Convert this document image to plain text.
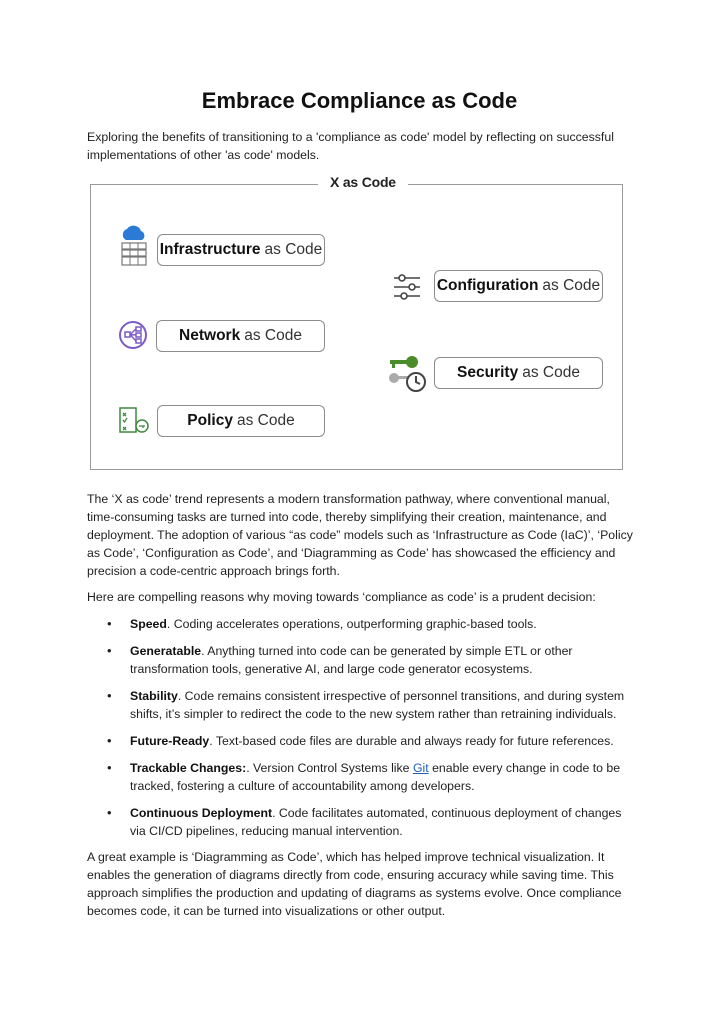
Embrace Compliance as Code
Exploring the benefits of transitioning to a 'compliance as code' model by reflecting on successful implementations of other 'as code' models.
X as Code
Infrastructure as Code
Configuration as Code
Network as Code
Security as Code
Policy as Code
The ‘X as code’ trend represents a modern transformation pathway, where conventional manual, time-consuming tasks are turned into code, thereby simplifying their creation, maintenance, and deployment. The adoption of various “as code” models such as ‘Infrastructure as Code (IaC)’, ‘Policy as Code’, ‘Configuration as Code’, and ‘Diagramming as Code’ has showcased the efficiency and precision a code-centric approach brings forth.
Here are compelling reasons why moving towards ‘compliance as code’ is a prudent decision:
• Speed. Coding accelerates operations, outperforming graphic-based tools.
• Generatable. Anything turned into code can be generated by simple ETL or other transformation tools, generative AI, and large code generator ecosystems.
• Stability. Code remains consistent irrespective of personnel transitions, and during system shifts, it’s simpler to redirect the code to the new system rather than retraining individuals.
• Future-Ready. Text-based code files are durable and always ready for future references.
• Trackable Changes:. Version Control Systems like Git enable every change in code to be tracked, fostering a culture of accountability among developers.
• Continuous Deployment. Code facilitates automated, continuous deployment of changes via CI/CD pipelines, reducing manual intervention.
A great example is ‘Diagramming as Code’, which has helped improve technical visualization. It enables the generation of diagrams directly from code, ensuring accuracy while saving time. This approach simplifies the production and updating of diagrams as systems evolve. Once compliance becomes code, it can be turned into visualizations or other output.
